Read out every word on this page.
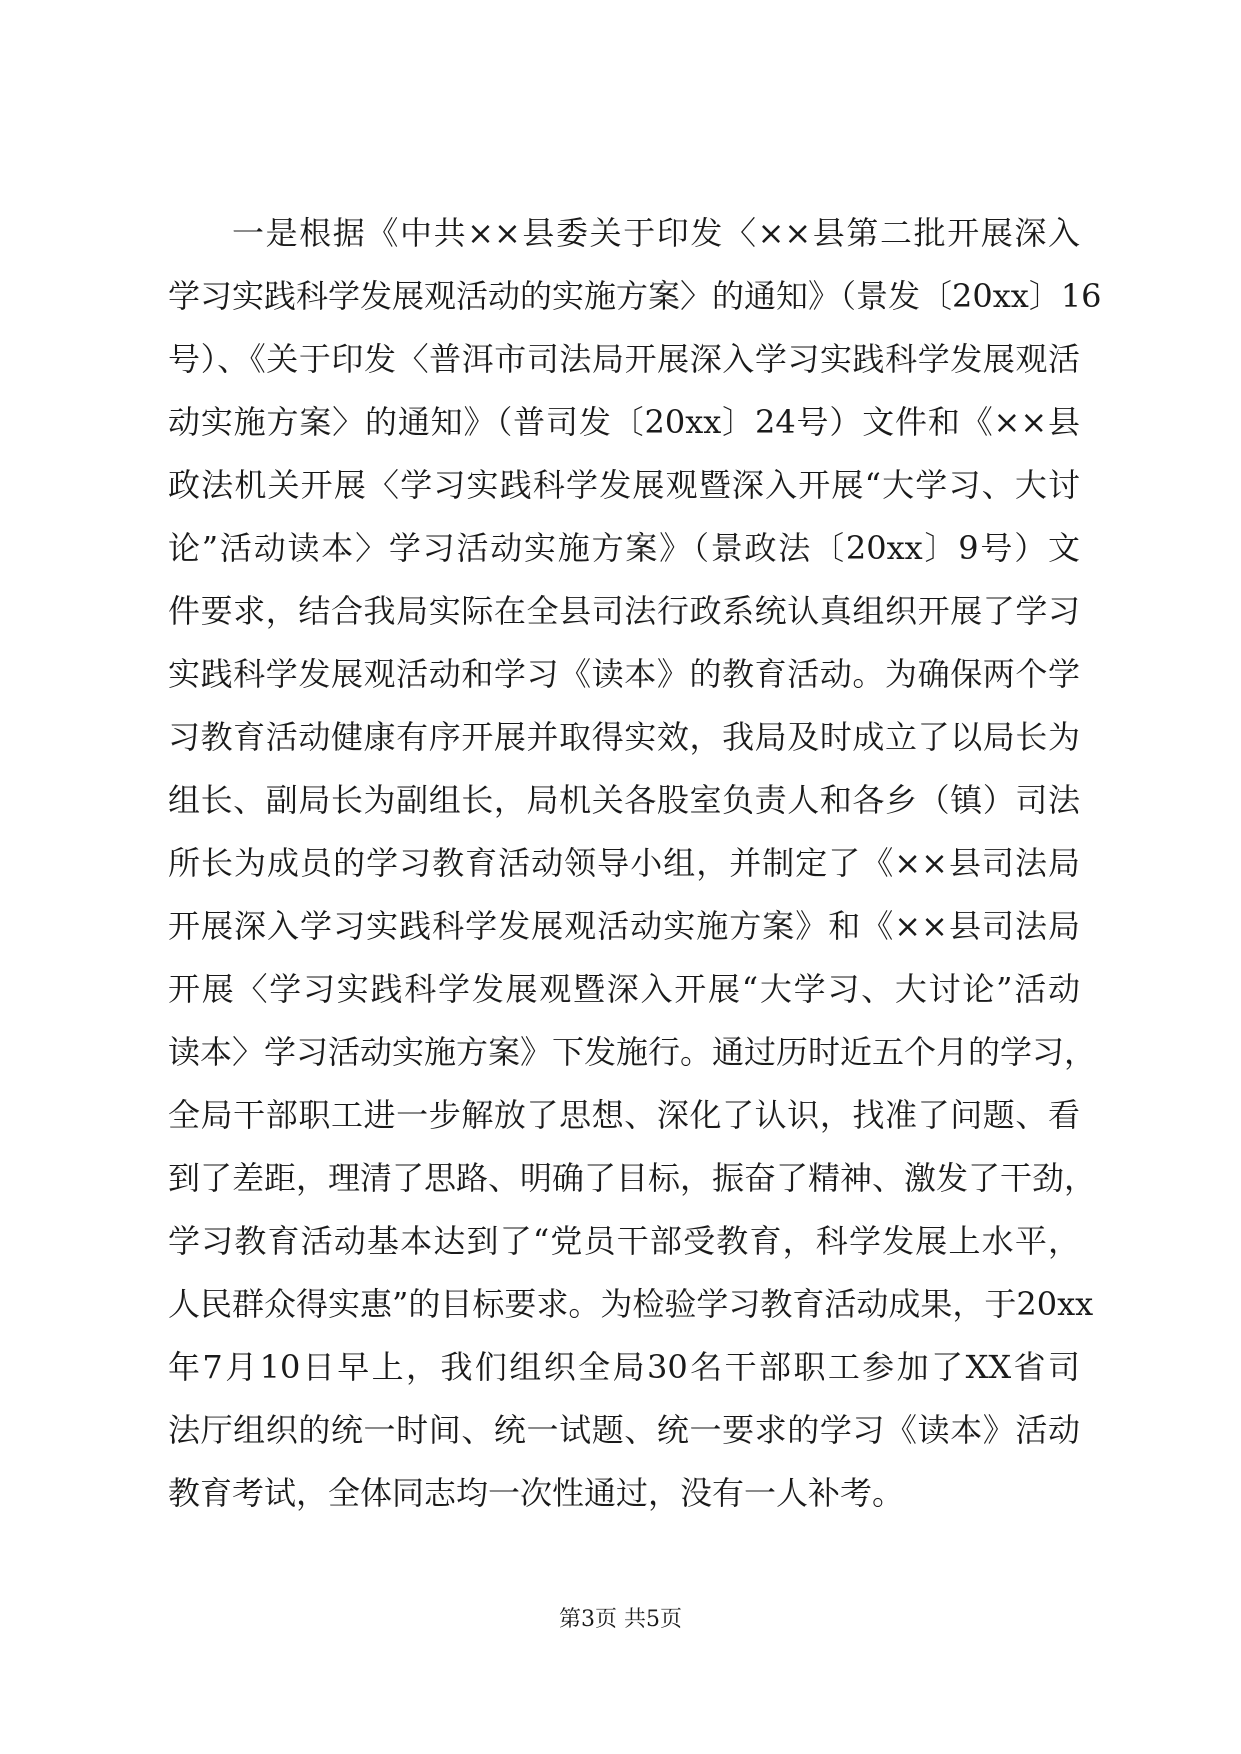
一是根据《中共××县委关于印发〈××县第二批开展深入
学习实践科学发展观活动的实施方案〉的通知》（景发〔20xx〕16
号）、《关于印发〈普洱市司法局开展深入学习实践科学发展观活
动实施方案〉的通知》（普司发〔20xx〕24号）文件和《××县
政法机关开展〈学习实践科学发展观暨深入开展“大学习、大讨
论”活动读本〉学习活动实施方案》（景政法〔20xx〕9号）文
件要求，结合我局实际在全县司法行政系统认真组织开展了学习
实践科学发展观活动和学习《读本》的教育活动。为确保两个学
习教育活动健康有序开展并取得实效，我局及时成立了以局长为
组长、副局长为副组长，局机关各股室负责人和各乡（镇）司法
所长为成员的学习教育活动领导小组，并制定了《××县司法局
开展深入学习实践科学发展观活动实施方案》和《××县司法局
开展〈学习实践科学发展观暨深入开展“大学习、大讨论”活动
读本〉学习活动实施方案》下发施行。通过历时近五个月的学习，
全局干部职工进一步解放了思想、深化了认识，找准了问题、看
到了差距，理清了思路、明确了目标，振奋了精神、激发了干劲，
学习教育活动基本达到了“党员干部受教育，科学发展上水平，
人民群众得实惠”的目标要求。为检验学习教育活动成果，于20xx
年7月10日早上，我们组织全局30名干部职工参加了XX省司
法厅组织的统一时间、统一试题、统一要求的学习《读本》活动
教育考试，全体同志均一次性通过，没有一人补考。
第3页 共5页
